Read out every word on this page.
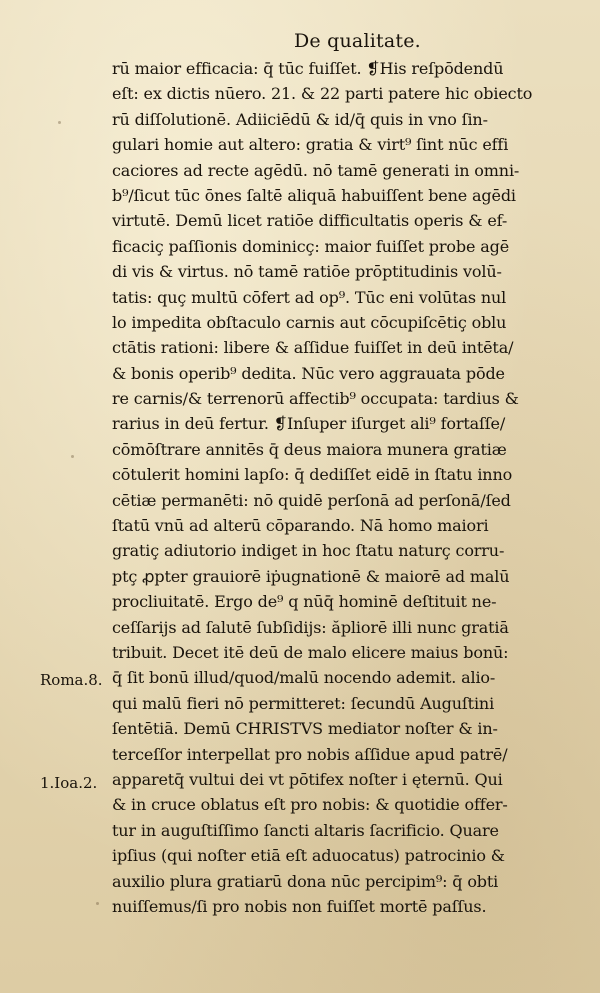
De qualitate.
rū maior efficacia: q̄ tūc fuiſſet. ❡His reſpōdendū
eſt: ex dictis nūero. 21. & 22 parti patere hic obiecto
rū diſſolutionē. Adiiciēdū & id/q̄ quis in vno ſin-
gulari homie aut altero: gratia & virt⁹ ſint nūc effi
caciores ad recte agēdū. nō tamē generati in omni-
b⁹/ſicut tūc ōnes ſaltē aliquā habuiſſent bene agēdi
virtutē. Demū licet ratiōe difficultatis operis & ef-
ficaciç paſſionis dominicç: maior fuiſſet probe agē
di vis & virtus. nō tamē ratiōe prōptitudinis volū-
tatis: quç multū cōfert ad op⁹. Tūc eni volūtas nul
lo impedita obſtaculo carnis aut cōcupiſcētiç oblu
ctātis rationi: libere & aſſidue fuiſſet in deū intēta/
& bonis operib⁹ dedita. Nūc vero aggrauata pōde
re carnis/& terrenorū affectib⁹ occupata: tardius &
rarius in deū fertur. ❡Inſuper iſurget ali⁹ fortaſſe/
cōmōſtrare annitēs q̄ deus maiora munera gratiæ
cōtulerit homini lapſo: q̄ dediſſet eidē in ſtatu inno
cētiæ permanēti: nō quidē perſonā ad perſonā/ſed
ſtatū vnū ad alterū cōparando. Nā homo maiori
gratiç adiutorio indiget in hoc ſtatu naturç corru-
ptç ꝓpter grauiorē iṗugnationē & maiorē ad malū
procliuitatē. Ergo de⁹ q nūq̄ hominē deſtituit ne-
ceſſarijs ad ſalutē ſubſidijs: ăpliorē illi nunc gratiā
tribuit. Decet itē deū de malo elicere maius bonū:
q̄ ſit bonū illud/quod/malū nocendo ademit. alio-
qui malū fieri nō permitteret: ſecundū Auguſtini
ſentētiā. Demū CHRISTVS mediator noſter & in-
terceſſor interpellat pro nobis aſſidue apud patrē/
apparetq̄ vultui dei vt pōtifex noſter i ęternū. Qui
& in cruce oblatus eſt pro nobis: & quotidie offer-
tur in auguſtiſſimo ſancti altaris ſacrificio. Quare
ipſius (qui noſter etiā eſt aduocatus) patrocinio &
auxilio plura gratiarū dona nūc percipim⁹: q̄ obti
nuiſſemus/ſi pro nobis non fuiſſet mortē paſſus.
Roma.8.
1.Ioa.2.
